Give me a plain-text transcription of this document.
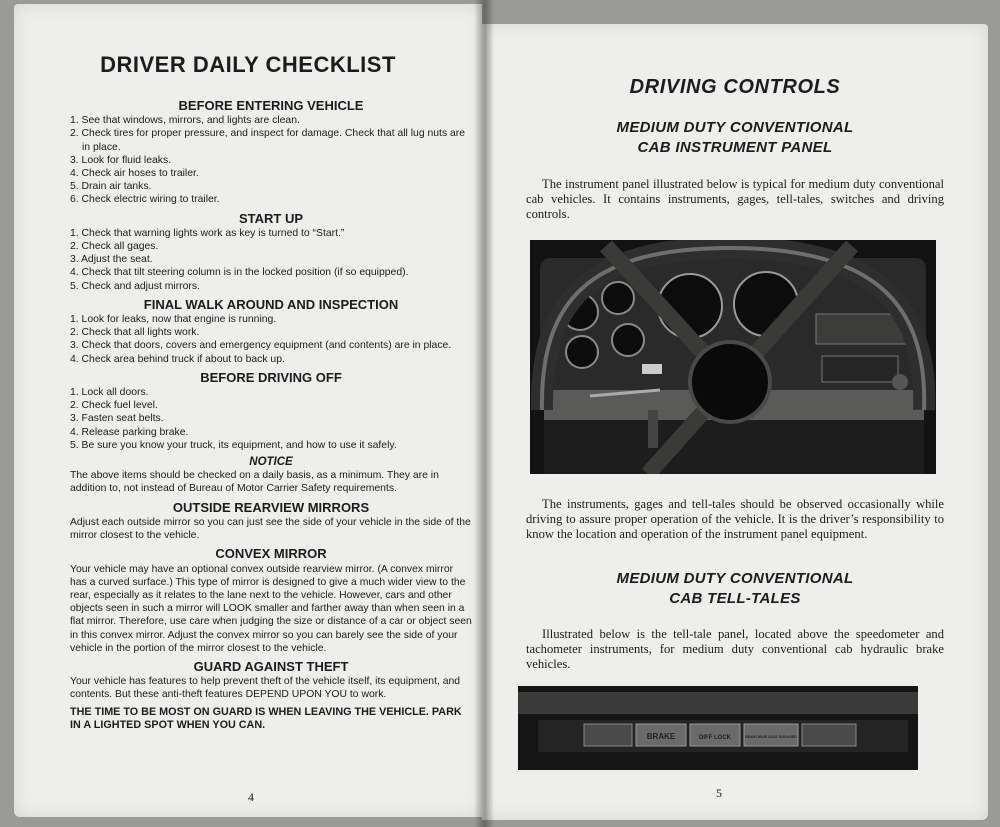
DRIVER DAILY CHECKLIST
BEFORE ENTERING VEHICLE
1. See that windows, mirrors, and lights are clean.
2. Check tires for proper pressure, and inspect for damage. Check that all lug nuts are in place.
3. Look for fluid leaks.
4. Check air hoses to trailer.
5. Drain air tanks.
6. Check electric wiring to trailer.
START UP
1. Check that warning lights work as key is turned to “Start.”
2. Check all gages.
3. Adjust the seat.
4. Check that tilt steering column is in the locked position (if so equipped).
5. Check and adjust mirrors.
FINAL WALK AROUND AND INSPECTION
1. Look for leaks, now that engine is running.
2. Check that all lights work.
3. Check that doors, covers and emergency equipment (and contents) are in place.
4. Check area behind truck if about to back up.
BEFORE DRIVING OFF
1. Lock all doors.
2. Check fuel level.
3. Fasten seat belts.
4. Release parking brake.
5. Be sure you know your truck, its equipment, and how to use it safely.
NOTICE

The above items should be checked on a daily basis, as a minimum. They are in addition to, not instead of Bureau of Motor Carrier Safety requirements.

OUTSIDE REARVIEW MIRRORS

Adjust each outside mirror so you can just see the side of your vehicle in the side of the mirror closest to the vehicle.

CONVEX MIRROR

Your vehicle may have an optional convex outside rearview mirror. (A convex mirror has a curved surface.) This type of mirror is designed to give a much wider view to the rear, especially as it relates to the lane next to the vehicle. However, cars and other objects seen in such a mirror will LOOK smaller and farther away than when seen in a flat mirror. Therefore, use care when judging the size or distance of a car or object seen in this convex mirror. Adjust the convex mirror so you can barely see the side of your vehicle in the portion of the mirror closest to the vehicle.

GUARD AGAINST THEFT

Your vehicle has features to help prevent theft of the vehicle itself, its equipment, and contents. But these anti-theft features DEPEND UPON YOU to work.

THE TIME TO BE MOST ON GUARD IS WHEN LEAVING THE VEHICLE. PARK IN A LIGHTED SPOT WHEN YOU CAN.

4
DRIVING CONTROLS
MEDIUM DUTY CONVENTIONAL
CAB INSTRUMENT PANEL

The instrument panel illustrated below is typical for medium duty conventional cab vehicles. It contains instruments, gages, tell-tales, switches and driving controls.

The instruments, gages and tell-tales should be observed occasionally while driving to assure proper operation of the vehicle. It is the driver’s responsibility to know the location and operation of the instrument panel equipment.

MEDIUM DUTY CONVENTIONAL
CAB TELL-TALES

Illustrated below is the tell-tale panel, located above the speedometer and tachometer instruments, for medium duty conventional cab hydraulic brake vehicles.

BRAKE	DIFF LOCK	REAR DRIVE AXLE ENGAGED
5
